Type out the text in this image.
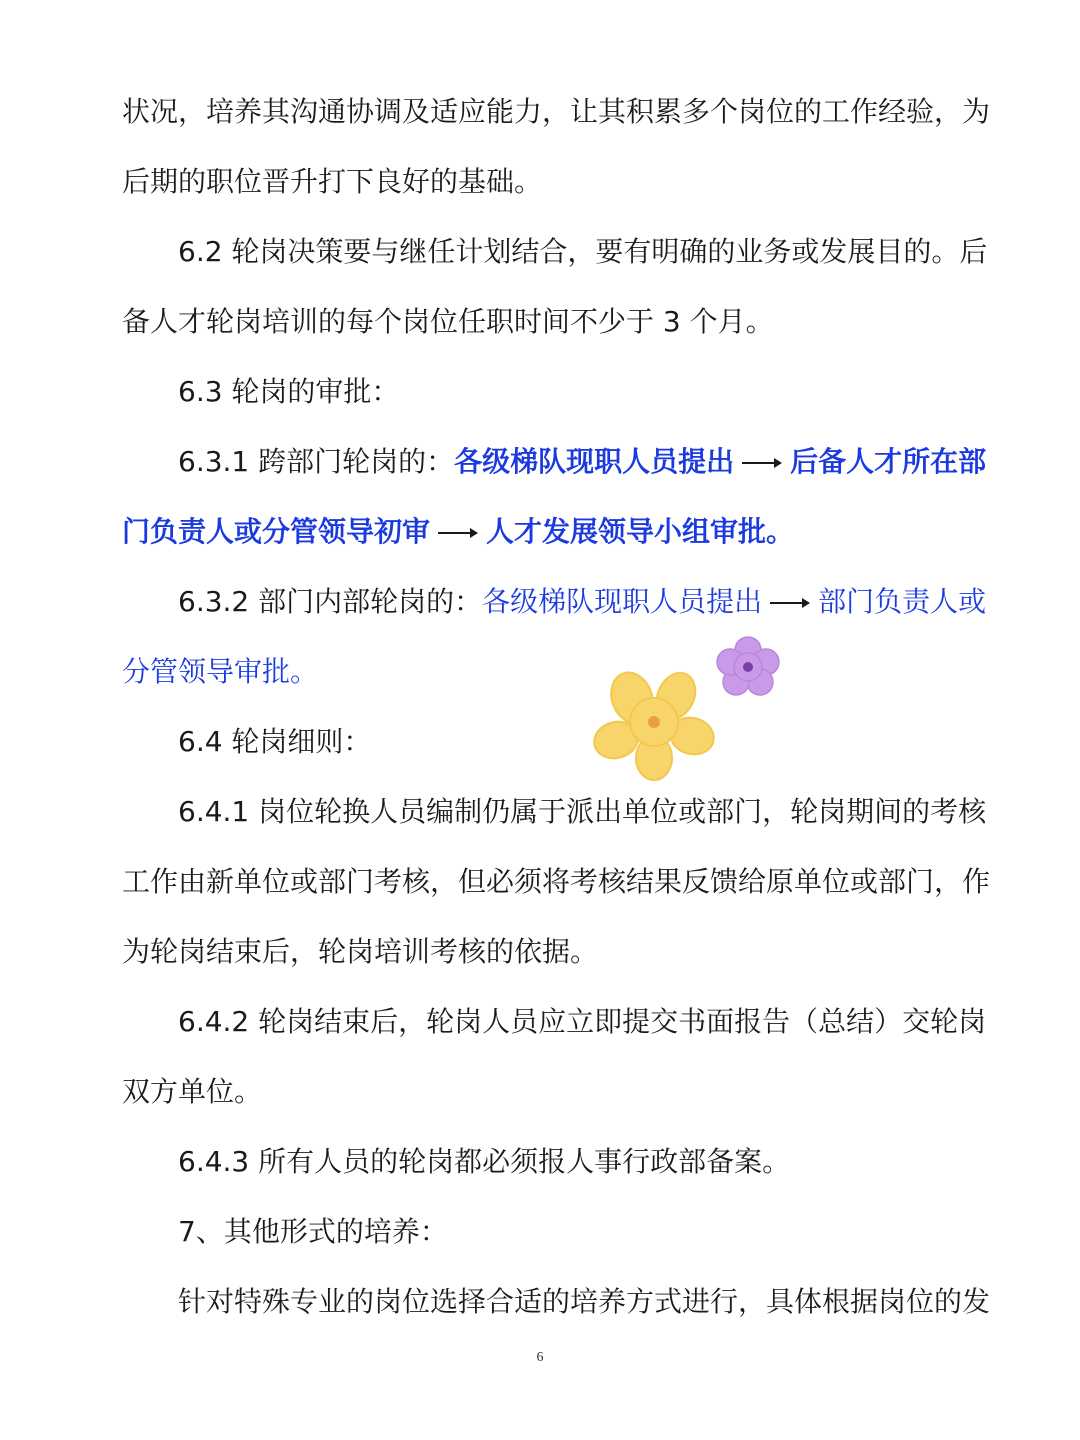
状况，培养其沟通协调及适应能力，让其积累多个岗位的工作经验，为
后期的职位晋升打下良好的基础。
6.2 轮岗决策要与继任计划结合，要有明确的业务或发展目的。后
备人才轮岗培训的每个岗位任职时间不少于 3 个月。
6.3 轮岗的审批：
6.3.1 跨部门轮岗的：各级梯队现职人员提出 后备人才所在部
门负责人或分管领导初审 人才发展领导小组审批。
6.3.2 部门内部轮岗的：各级梯队现职人员提出 部门负责人或
分管领导审批。
6.4 轮岗细则：
6.4.1 岗位轮换人员编制仍属于派出单位或部门，轮岗期间的考核
工作由新单位或部门考核，但必须将考核结果反馈给原单位或部门，作
为轮岗结束后，轮岗培训考核的依据。
6.4.2 轮岗结束后，轮岗人员应立即提交书面报告（总结）交轮岗
双方单位。
6.4.3 所有人员的轮岗都必须报人事行政部备案。
7、其他形式的培养：
针对特殊专业的岗位选择合适的培养方式进行，具体根据岗位的发
6
